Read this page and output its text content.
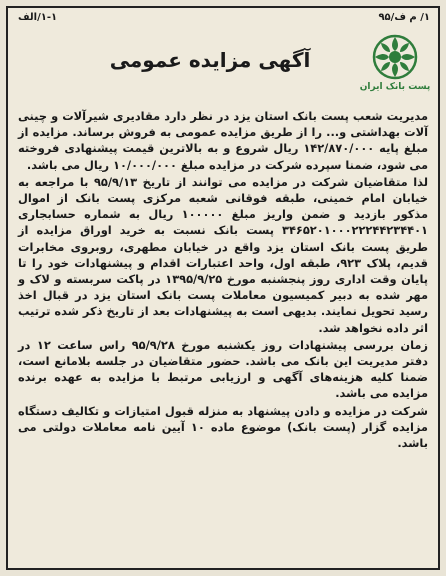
۱/ م ف/۹۵
۱-۱/الف
پست بانک ایران
آگهی مزایده عمومی

مدیریت شعب پست بانک استان یزد در نظر دارد مقادیری شیرآلات و چینی آلات بهداشتی و... را از طریق مزایده عمومی به فروش برساند. مزایده از مبلغ پایه ۱۴۲/۸۷۰/۰۰۰ ریال شروع و به بالاترین قیمت پیشنهادی فروخته می شود، ضمنا سپرده شرکت در مزایده مبلغ ۱۰/۰۰۰/۰۰۰ ریال می باشد.

لذا متقاضیان شرکت در مزایده می توانند از تاریخ ۹۵/۹/۱۳ با مراجعه به خیابان امام خمینی، طبقه فوقانی شعبه مرکزی پست بانک از اموال مذکور بازدید و ضمن واریز مبلغ ۱۰۰۰۰۰ ریال به شماره حسابجاری ۳۴۶۵۲۰۱۰۰۰۲۲۲۴۴۲۳۴۴۰۱ پست بانک نسبت به خرید اوراق مزایده از طریق پست بانک استان یزد واقع در خیابان مطهری، روبروی مخابرات قدیم، پلاک ۹۲۳، طبقه اول، واحد اعتبارات اقدام و پیشنهادات خود را تا پایان وقت اداری روز پنجشنبه مورخ ۱۳۹۵/۹/۲۵ در پاکت سربسته و لاک و مهر شده به دبیر کمیسیون معاملات پست بانک استان یزد در قبال اخذ رسید تحویل نمایند. بدیهی است به پیشنهادات بعد از تاریخ ذکر شده ترتیب اثر داده نخواهد شد.

زمان بررسی پیشنهادات روز یکشنبه مورخ ۹۵/۹/۲۸ راس ساعت ۱۲ در دفتر مدیریت این بانک می باشد. حضور متقاضیان در جلسه بلامانع است، ضمنا کلیه هزینه‌های آگهی و ارزیابی مرتبط با مزایده به عهده برنده مزایده می باشد.

شرکت در مزایده و دادن پیشنهاد به منزله قبول امتیازات و تکالیف دستگاه مزایده گزار (پست بانک) موضوع ماده ۱۰ آیین نامه معاملات دولتی می باشد.
